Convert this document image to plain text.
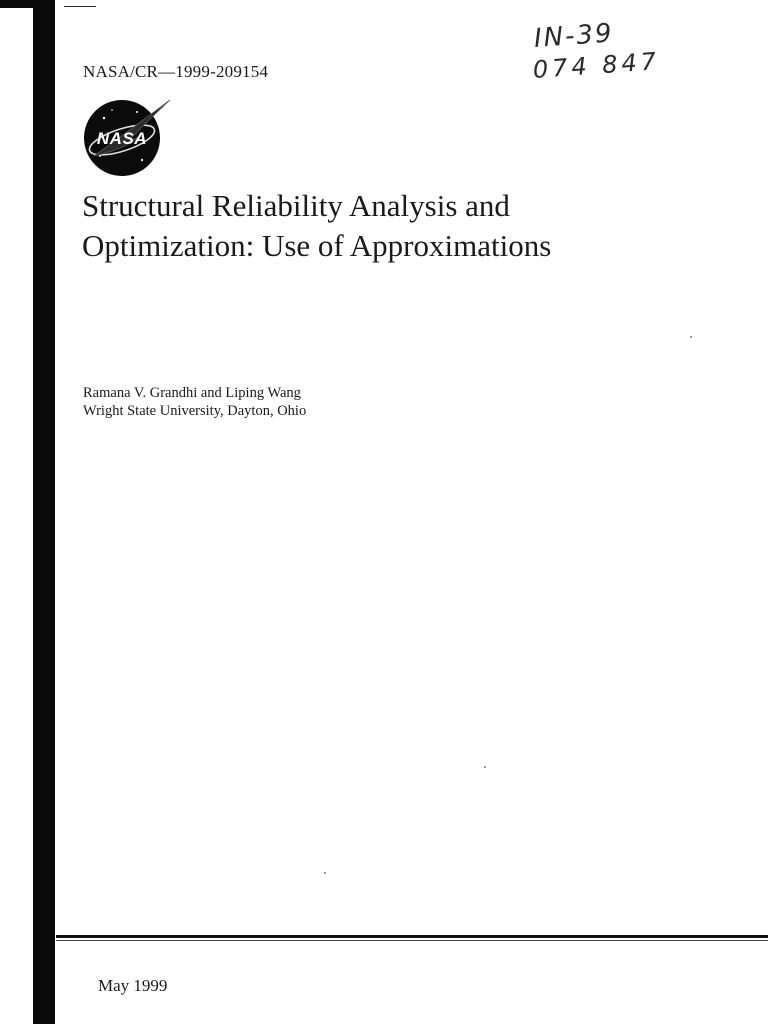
NASA/CR—1999-209154
IN-39
074 847
NASA
Structural Reliability Analysis and
Optimization: Use of Approximations
Ramana V. Grandhi and Liping Wang
Wright State University, Dayton, Ohio
May 1999
